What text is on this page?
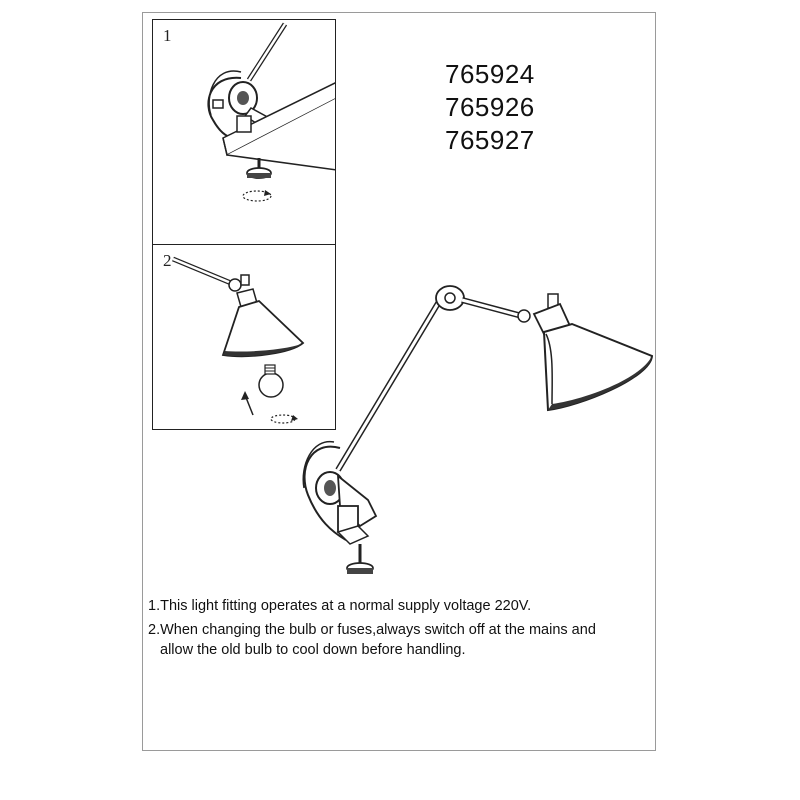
1
2
765924
765926
765927

1.This light fitting operates at a normal supply voltage 220V.

2.When changing the bulb or fuses,always switch off at the mains and
allow the old bulb to cool down before handling.
